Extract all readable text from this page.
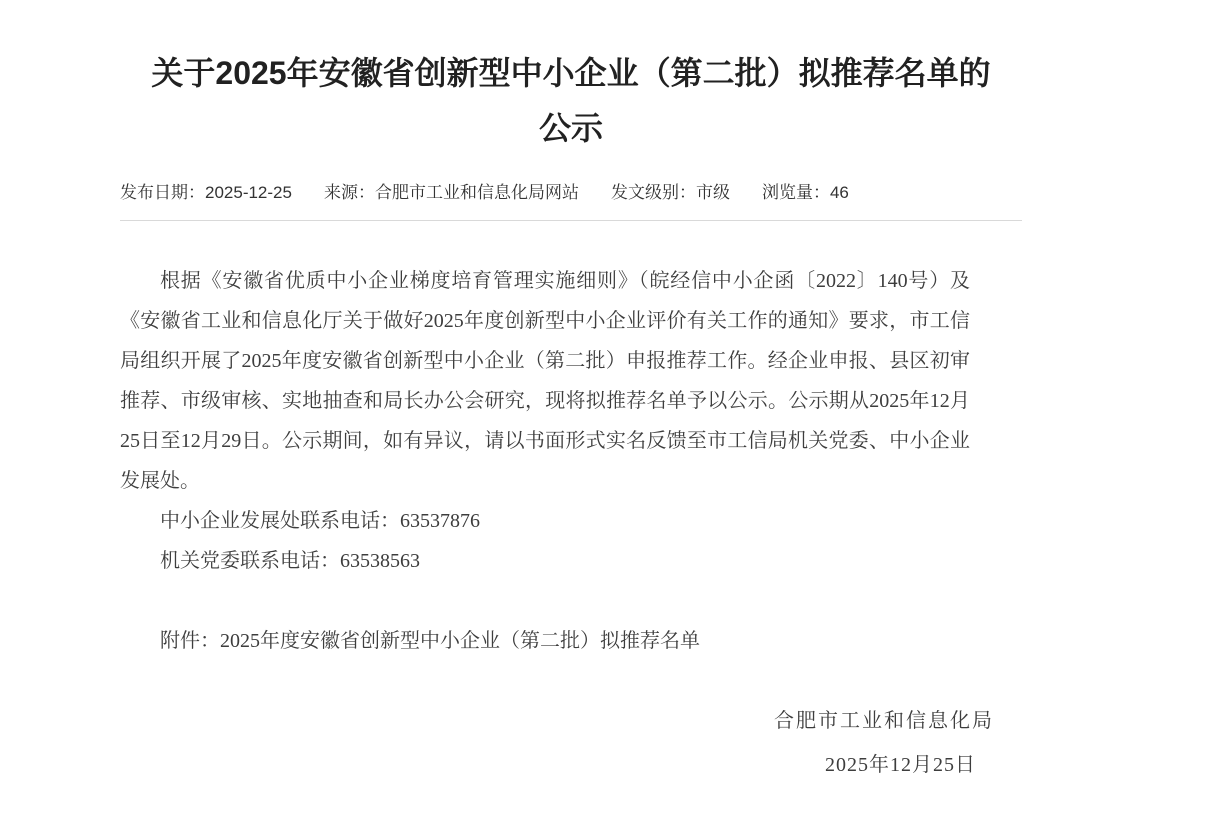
关于2025年安徽省创新型中小企业（第二批）拟推荐名单的
公示
发布日期： 2025-12-25 来源： 合肥市工业和信息化局网站 发文级别： 市级 浏览量： 46

根据《安徽省优质中小企业梯度培育管理实施细则》（皖经信中小企函〔2022〕140号）及《安徽省工业和信息化厅关于做好2025年度创新型中小企业评价有关工作的通知》要求，市工信局组织开展了2025年度安徽省创新型中小企业（第二批）申报推荐工作。经企业申报、县区初审推荐、市级审核、实地抽查和局长办公会研究，现将拟推荐名单予以公示。公示期从2025年12月25日至12月29日。公示期间，如有异议，请以书面形式实名反馈至市工信局机关党委、中小企业发展处。

中小企业发展处联系电话：63537876

机关党委联系电话：63538563

附件：2025年度安徽省创新型中小企业（第二批）拟推荐名单

合肥市工业和信息化局

2025年12月25日
